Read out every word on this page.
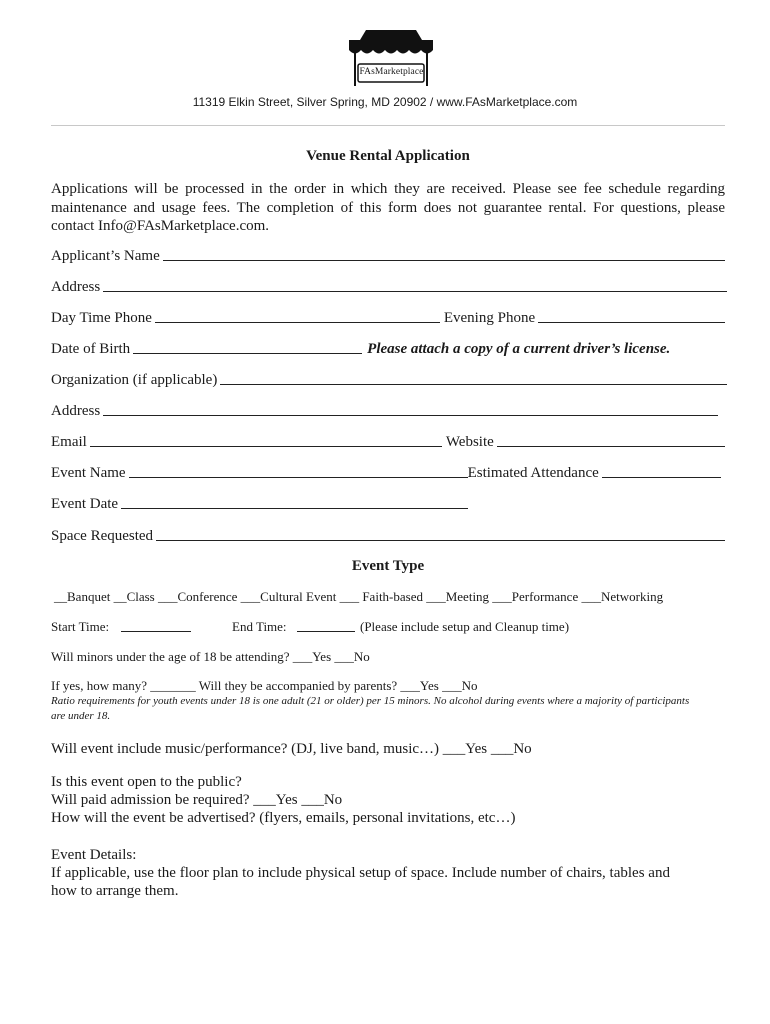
FAsMarketplace
11319 Elkin Street, Silver Spring, MD 20902 / www.FAsMarketplace.com
Venue Rental Application
Applications will be processed in the order in which they are received. Please see fee schedule regarding maintenance and usage fees. The completion of this form does not guarantee rental. For questions, please contact Info@FAsMarketplace.com.
Applicant’s Name
Address
Day Time Phone	Evening Phone
Date of Birth	Please attach a copy of a current driver’s license.
Organization (if applicable)
Address
Email	Website
Event Name	Estimated Attendance
Event Date
Space Requested
Event Type
__Banquet __Class ___Conference ___Cultural Event ___ Faith-based ___Meeting ___Performance ___Networking
Start Time:	End Time:	(Please include setup and Cleanup time)
Will minors under the age of 18 be attending? ___Yes ___No
If yes, how many? _______ Will they be accompanied by parents? ___Yes ___No
Ratio requirements for youth events under 18 is one adult (21 or older) per 15 minors. No alcohol during events where a majority of participants are under 18.
Will event include music/performance? (DJ, live band, music…) ___Yes ___No
Is this event open to the public?
Will paid admission be required? ___Yes ___No
How will the event be advertised? (flyers, emails, personal invitations, etc…)
Event Details:
If applicable, use the floor plan to include physical setup of space. Include number of chairs, tables and
how to arrange them.
